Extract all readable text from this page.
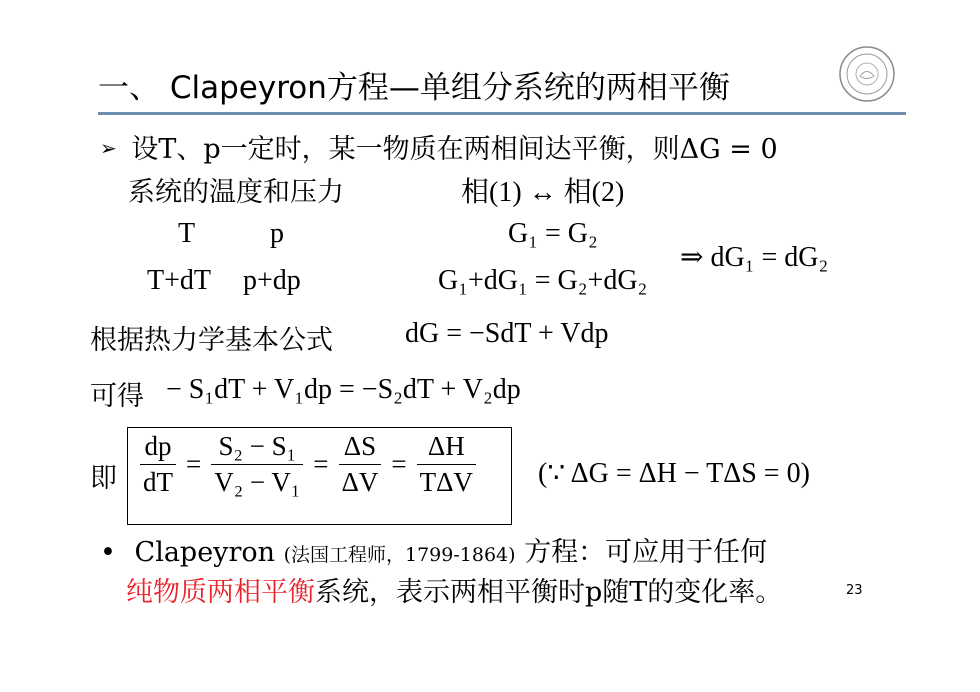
一、 Clapeyron方程—单组分系统的两相平衡
➢ 设T、p一定时，某一物质在两相间达平衡，则ΔG = 0
系统的温度和压力	相(1) ↔ 相(2)
T	p	G₁ = G₂
⇒ dG₁ = dG₂
T+dT p+dp	G₁+dG₁ = G₂+dG₂
根据热力学基本公式	dG = −SdT + Vdp
可得 − S₁dT + V₁dp = −S₂dT + V₂dp
即 $\frac{dp}{dT} = \frac{\text{S₂ − S₁}}{\text{V₂ − V₁}} = \frac{\Delta S}{\Delta V} = \frac{\Delta H}{\text{TΔV}}$ (∵ ΔG = ΔH − TΔS = 0)
• Clapeyron (法国工程师，1799-1864) 方程：可应用于任何
纯物质两相平衡系统，表示两相平衡时p随T的变化率。	23
